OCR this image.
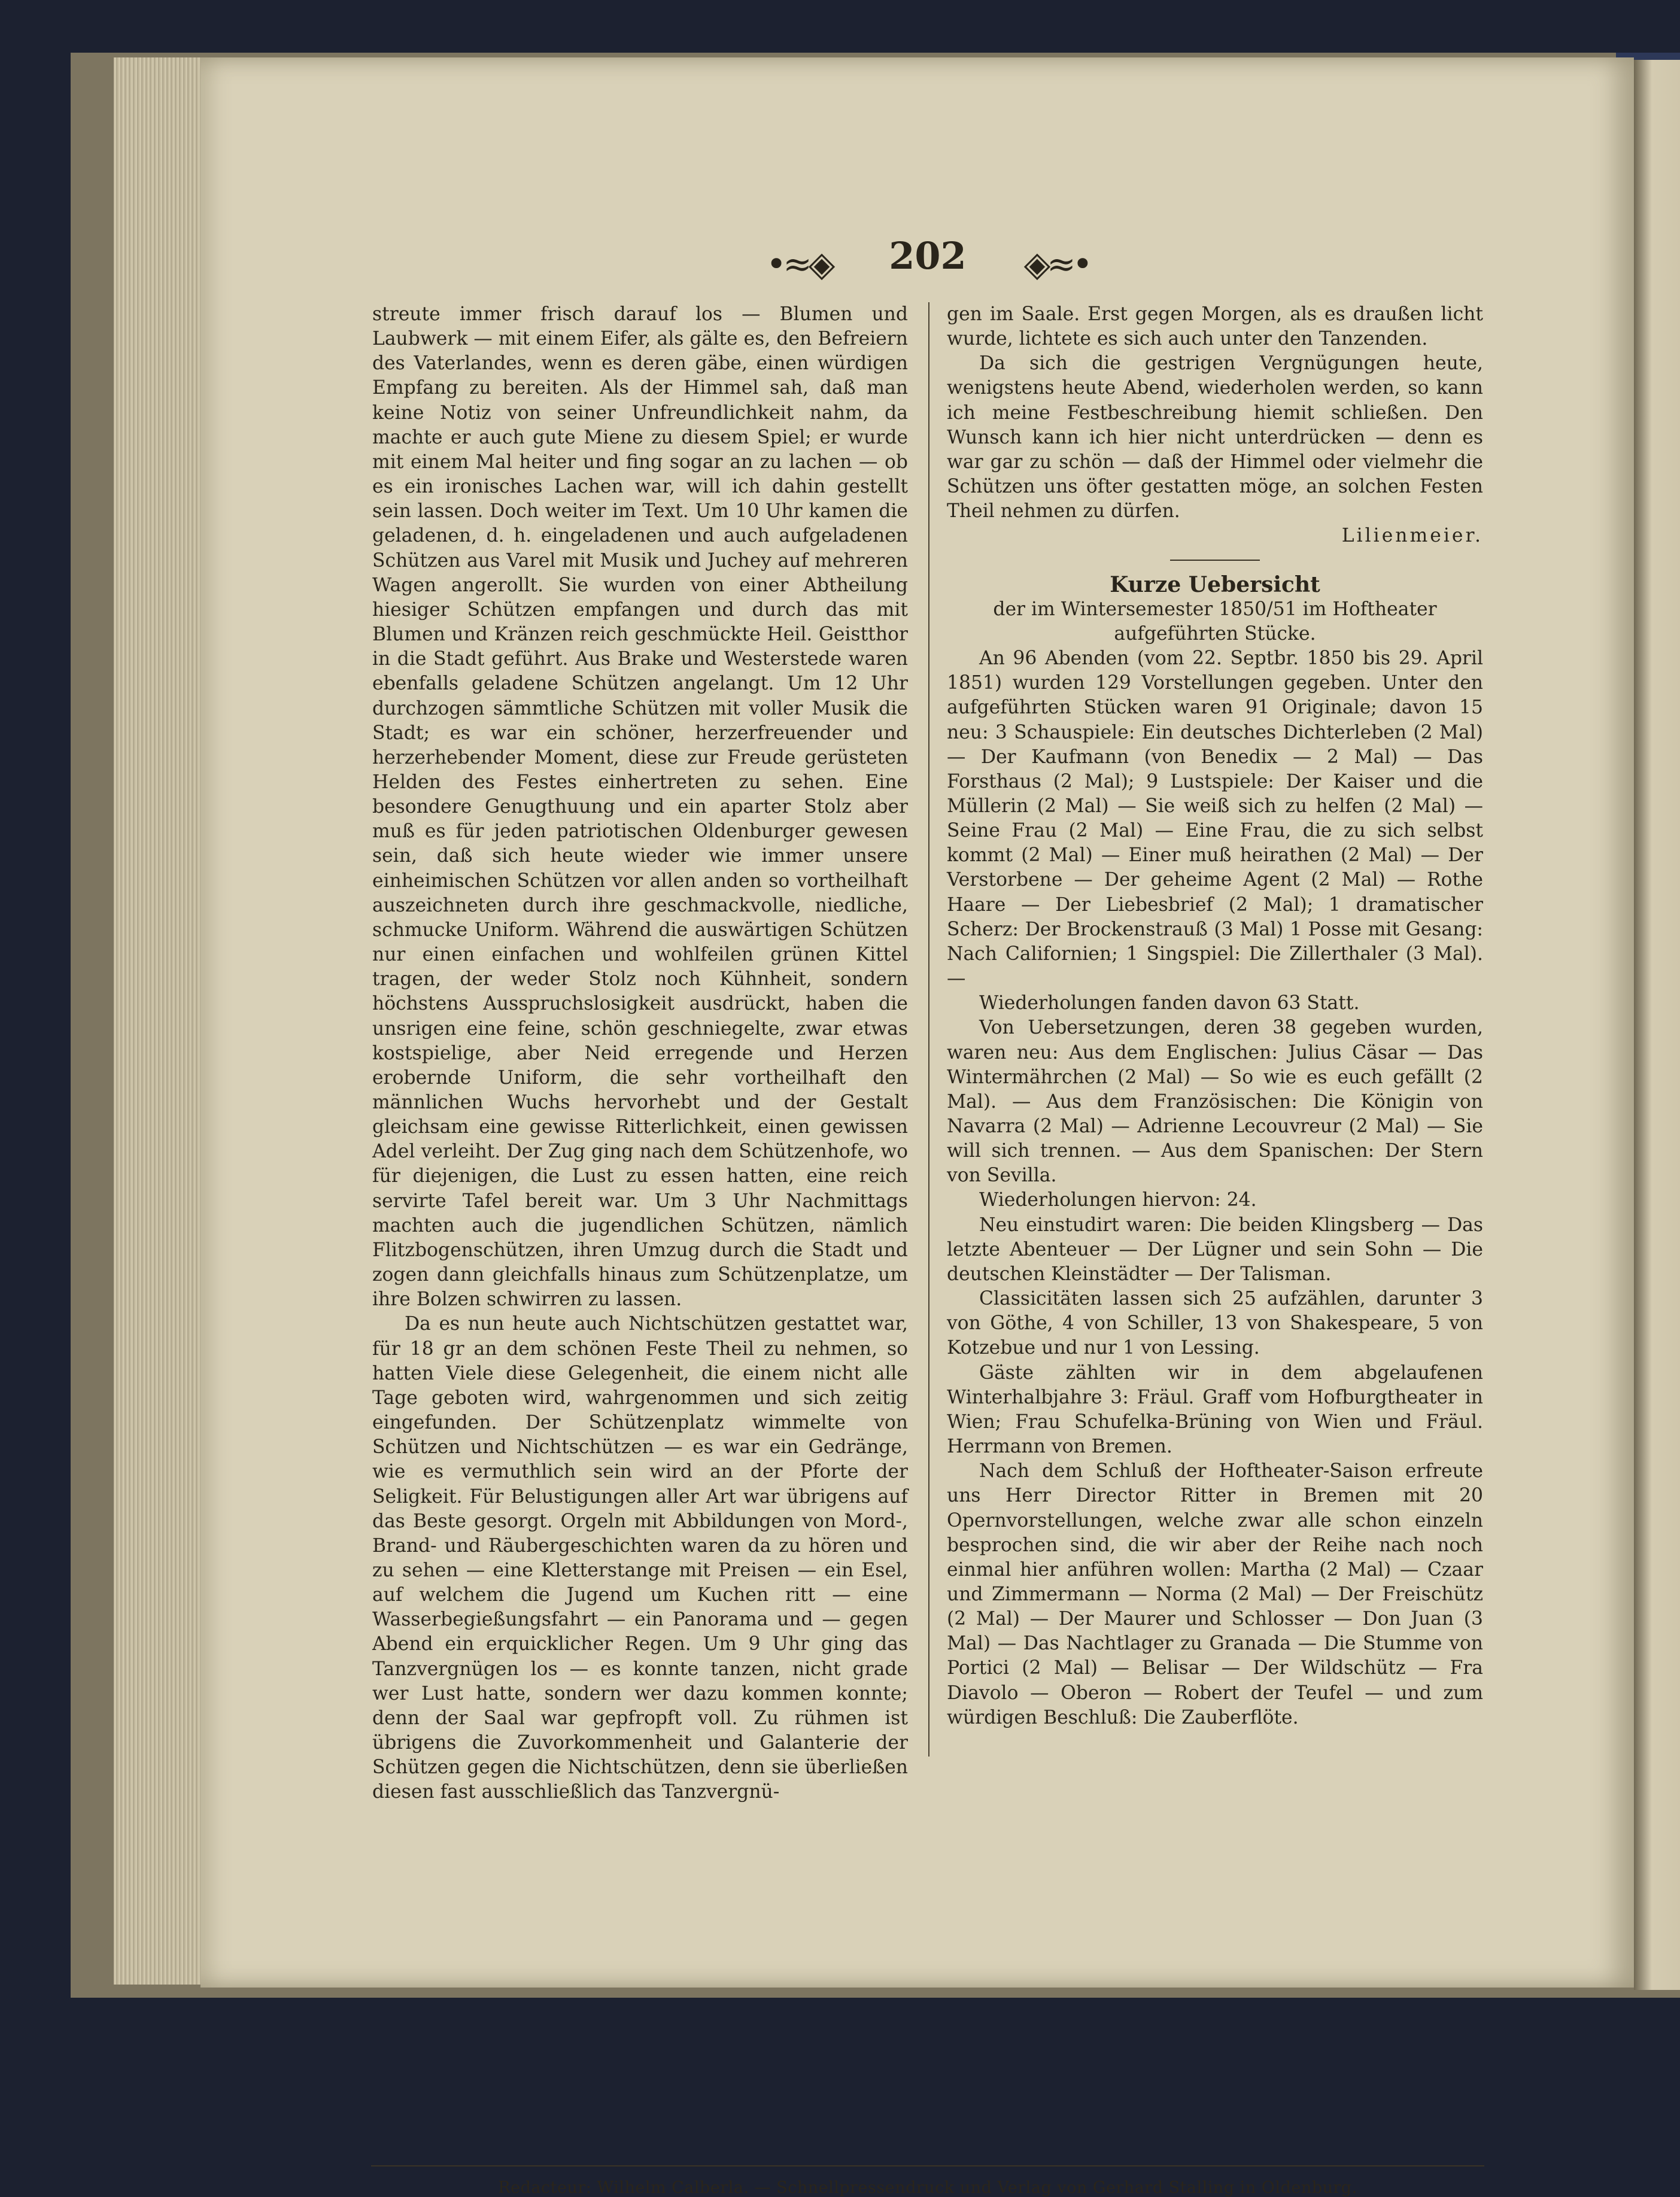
•≈◈	202	◈≈•

streute immer frisch darauf los — Blumen und Laubwerk — mit einem Eifer, als gälte es, den Befreiern des Vaterlandes, wenn es deren gäbe, einen würdigen Empfang zu bereiten. Als der Himmel sah, daß man keine Notiz von seiner Unfreundlichkeit nahm, da machte er auch gute Miene zu diesem Spiel; er wurde mit einem Mal heiter und fing sogar an zu lachen — ob es ein ironisches Lachen war, will ich dahin gestellt sein lassen. Doch weiter im Text. Um 10 Uhr kamen die geladenen, d. h. eingeladenen und auch aufgeladenen Schützen aus Varel mit Musik und Juchey auf mehreren Wagen angerollt. Sie wurden von einer Abtheilung hiesiger Schützen empfangen und durch das mit Blumen und Kränzen reich geschmückte Heil. Geistthor in die Stadt geführt. Aus Brake und Westerstede waren ebenfalls geladene Schützen angelangt. Um 12 Uhr durchzogen sämmtliche Schützen mit voller Musik die Stadt; es war ein schöner, herzerfreuender und herzerhebender Moment, diese zur Freude gerüsteten Helden des Festes einhertreten zu sehen. Eine besondere Genugthuung und ein aparter Stolz aber muß es für jeden patriotischen Oldenburger gewesen sein, daß sich heute wieder wie immer unsere einheimischen Schützen vor allen anden so vortheilhaft auszeichneten durch ihre geschmackvolle, niedliche, schmucke Uniform. Während die auswärtigen Schützen nur einen einfachen und wohlfeilen grünen Kittel tragen, der weder Stolz noch Kühnheit, sondern höchstens Ausspruchslosigkeit ausdrückt, haben die unsrigen eine feine, schön geschniegelte, zwar etwas kostspielige, aber Neid erregende und Herzen erobernde Uniform, die sehr vortheilhaft den männlichen Wuchs hervorhebt und der Gestalt gleichsam eine gewisse Ritterlichkeit, einen gewissen Adel verleiht. Der Zug ging nach dem Schützenhofe, wo für diejenigen, die Lust zu essen hatten, eine reich servirte Tafel bereit war. Um 3 Uhr Nachmittags machten auch die jugendlichen Schützen, nämlich Flitzbogenschützen, ihren Umzug durch die Stadt und zogen dann gleichfalls hinaus zum Schützenplatze, um ihre Bolzen schwirren zu lassen.

Da es nun heute auch Nichtschützen gestattet war, für 18 gr an dem schönen Feste Theil zu nehmen, so hatten Viele diese Gelegenheit, die einem nicht alle Tage geboten wird, wahrgenommen und sich zeitig eingefunden. Der Schützenplatz wimmelte von Schützen und Nichtschützen — es war ein Gedränge, wie es vermuthlich sein wird an der Pforte der Seligkeit. Für Belustigungen aller Art war übrigens auf das Beste gesorgt. Orgeln mit Abbildungen von Mord-, Brand- und Räubergeschichten waren da zu hören und zu sehen — eine Kletterstange mit Preisen — ein Esel, auf welchem die Jugend um Kuchen ritt — eine Wasserbegießungsfahrt — ein Panorama und — gegen Abend ein erquicklicher Regen. Um 9 Uhr ging das Tanzvergnügen los — es konnte tanzen, nicht grade wer Lust hatte, sondern wer dazu kommen konnte; denn der Saal war gepfropft voll. Zu rühmen ist übrigens die Zuvorkommenheit und Galanterie der Schützen gegen die Nichtschützen, denn sie überließen diesen fast ausschließlich das Tanzvergnü-

gen im Saale. Erst gegen Morgen, als es draußen licht wurde, lichtete es sich auch unter den Tanzenden.

Da sich die gestrigen Vergnügungen heute, wenigstens heute Abend, wiederholen werden, so kann ich meine Festbeschreibung hiemit schließen. Den Wunsch kann ich hier nicht unterdrücken — denn es war gar zu schön — daß der Himmel oder vielmehr die Schützen uns öfter gestatten möge, an solchen Festen Theil nehmen zu dürfen.

Lilienmeier.

Kurze Uebersicht

der im Wintersemester 1850/51 im Hoftheater aufgeführten Stücke.

An 96 Abenden (vom 22. Septbr. 1850 bis 29. April 1851) wurden 129 Vorstellungen gegeben. Unter den aufgeführten Stücken waren 91 Originale; davon 15 neu: 3 Schauspiele: Ein deutsches Dichterleben (2 Mal) — Der Kaufmann (von Benedix — 2 Mal) — Das Forsthaus (2 Mal); 9 Lustspiele: Der Kaiser und die Müllerin (2 Mal) — Sie weiß sich zu helfen (2 Mal) — Seine Frau (2 Mal) — Eine Frau, die zu sich selbst kommt (2 Mal) — Einer muß heirathen (2 Mal) — Der Verstorbene — Der geheime Agent (2 Mal) — Rothe Haare — Der Liebesbrief (2 Mal); 1 dramatischer Scherz: Der Brockenstrauß (3 Mal) 1 Posse mit Gesang: Nach Californien; 1 Singspiel: Die Zillerthaler (3 Mal). —

Wiederholungen fanden davon 63 Statt.

Von Uebersetzungen, deren 38 gegeben wurden, waren neu: Aus dem Englischen: Julius Cäsar — Das Wintermährchen (2 Mal) — So wie es euch gefällt (2 Mal). — Aus dem Französischen: Die Königin von Navarra (2 Mal) — Adrienne Lecouvreur (2 Mal) — Sie will sich trennen. — Aus dem Spanischen: Der Stern von Sevilla.

Wiederholungen hiervon: 24.

Neu einstudirt waren: Die beiden Klingsberg — Das letzte Abenteuer — Der Lügner und sein Sohn — Die deutschen Kleinstädter — Der Talisman.

Classicitäten lassen sich 25 aufzählen, darunter 3 von Göthe, 4 von Schiller, 13 von Shakespeare, 5 von Kotzebue und nur 1 von Lessing.

Gäste zählten wir in dem abgelaufenen Winterhalbjahre 3: Fräul. Graff vom Hofburgtheater in Wien; Frau Schufelka-Brüning von Wien und Fräul. Herrmann von Bremen.

Nach dem Schluß der Hoftheater-Saison erfreute uns Herr Director Ritter in Bremen mit 20 Opernvorstellungen, welche zwar alle schon einzeln besprochen sind, die wir aber der Reihe nach noch einmal hier anführen wollen: Martha (2 Mal) — Czaar und Zimmermann — Norma (2 Mal) — Der Freischütz (2 Mal) — Der Maurer und Schlosser — Don Juan (3 Mal) — Das Nachtlager zu Granada — Die Stumme von Portici (2 Mal) — Belisar — Der Wildschütz — Fra Diavolo — Oberon — Robert der Teufel — und zum würdigen Beschluß: Die Zauberflöte.

Redacteur: Wilhelm Calberla. — Schnellpressendruck und Verlag von Gerhard Stalling in Oldenburg.
